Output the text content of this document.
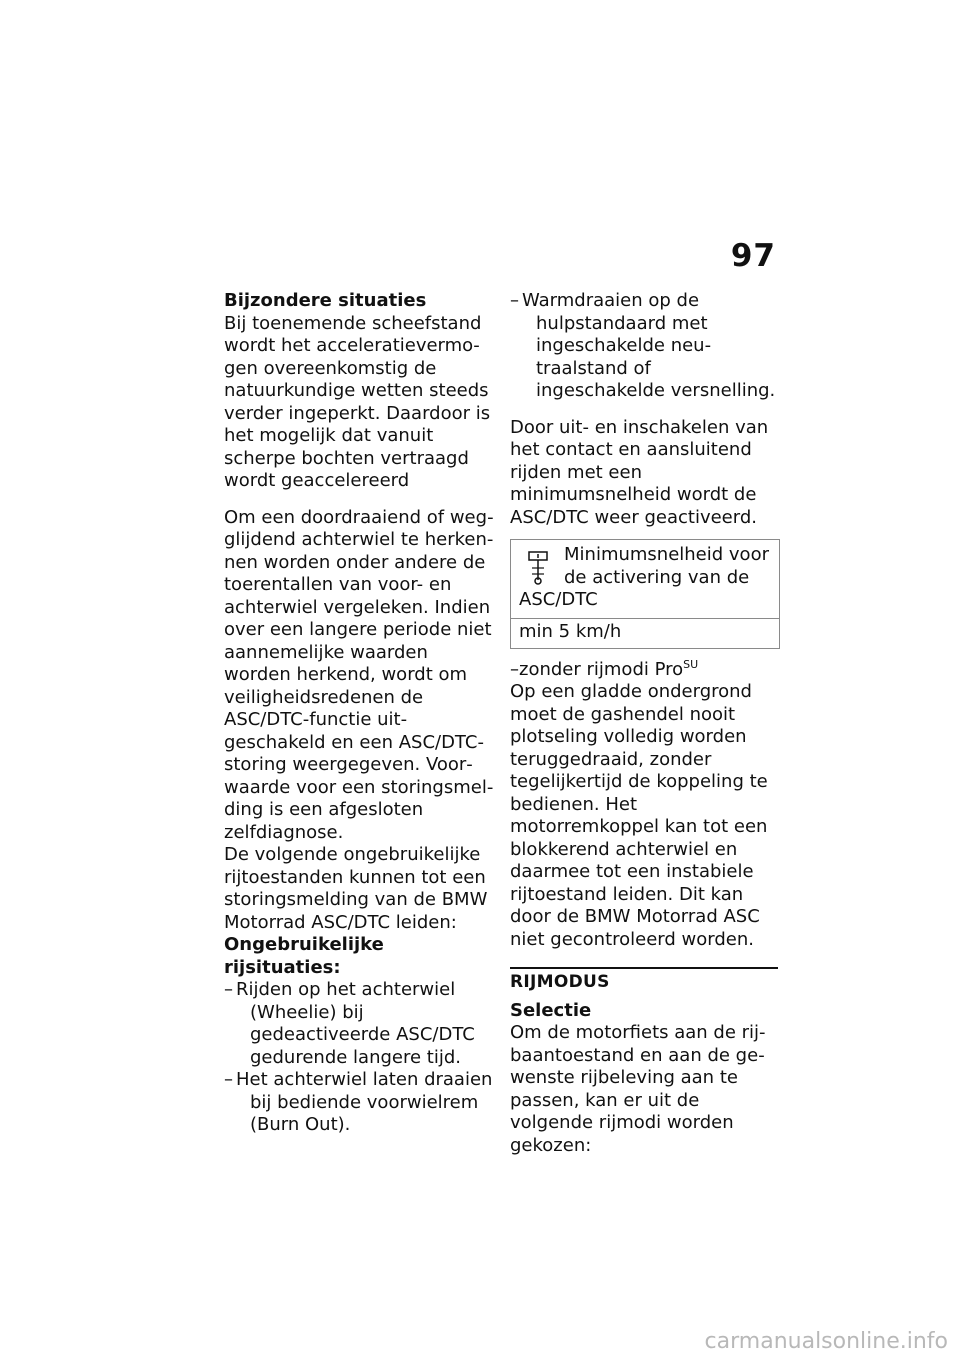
97

Bijzondere situaties

Bij toenemende scheefstand wordt het acceleratievermogen overeenkomstig de natuurkundige wetten steeds verder ingeperkt. Daardoor is het mogelijk dat vanuit scherpe bochten vertraagd wordt geaccelereerd

Om een doordraaiend of wegglijdend achterwiel te herkennen worden onder andere de toerentallen van voor- en achterwiel vergeleken. Indien over een langere periode niet aannemelijke waarden worden herkend, wordt om veiligheidsredenen de ASC/DTC-functie uitgeschakeld en een ASC/DTC-storing weergegeven. Voorwaarde voor een storingsmelding is een afgesloten zelfdiagnose.

De volgende ongebruikelijke rijtoestanden kunnen tot een storingsmelding van de BMW Motorrad ASC/DTC leiden:

Ongebruikelijke rijsituaties:

– Rijden op het achterwiel (Wheelie) bij gedeactiveerde ASC/DTC gedurende langere tijd.

– Het achterwiel laten draaien bij bediende voorwielrem (Burn Out).

– Warmdraaien op de hulpstandaard met ingeschakelde neutraalstand of ingeschakelde versnelling.

Door uit- en inschakelen van het contact en aansluitend rijden met een minimumsnelheid wordt de ASC/DTC weer geactiveerd.

Minimumsnelheid voor de activering van de
ASC/DTC
min 5 km/h

–zonder rijmodi Pro$^{SU}$

Op een gladde ondergrond moet de gashendel nooit plotseling volledig worden teruggedraaid, zonder tegelijkertijd de koppeling te bedienen. Het motorremkoppel kan tot een blokkerend achterwiel en daarmee tot een instabiele rijtoestand leiden. Dit kan door de BMW Motorrad ASC niet gecontroleerd worden.

RIJMODUS

Selectie

Om de motorfiets aan de rijbaantoestand en aan de gewenste rijbeleving aan te passen, kan er uit de volgende rijmodi worden gekozen:

carmanualsonline.info
